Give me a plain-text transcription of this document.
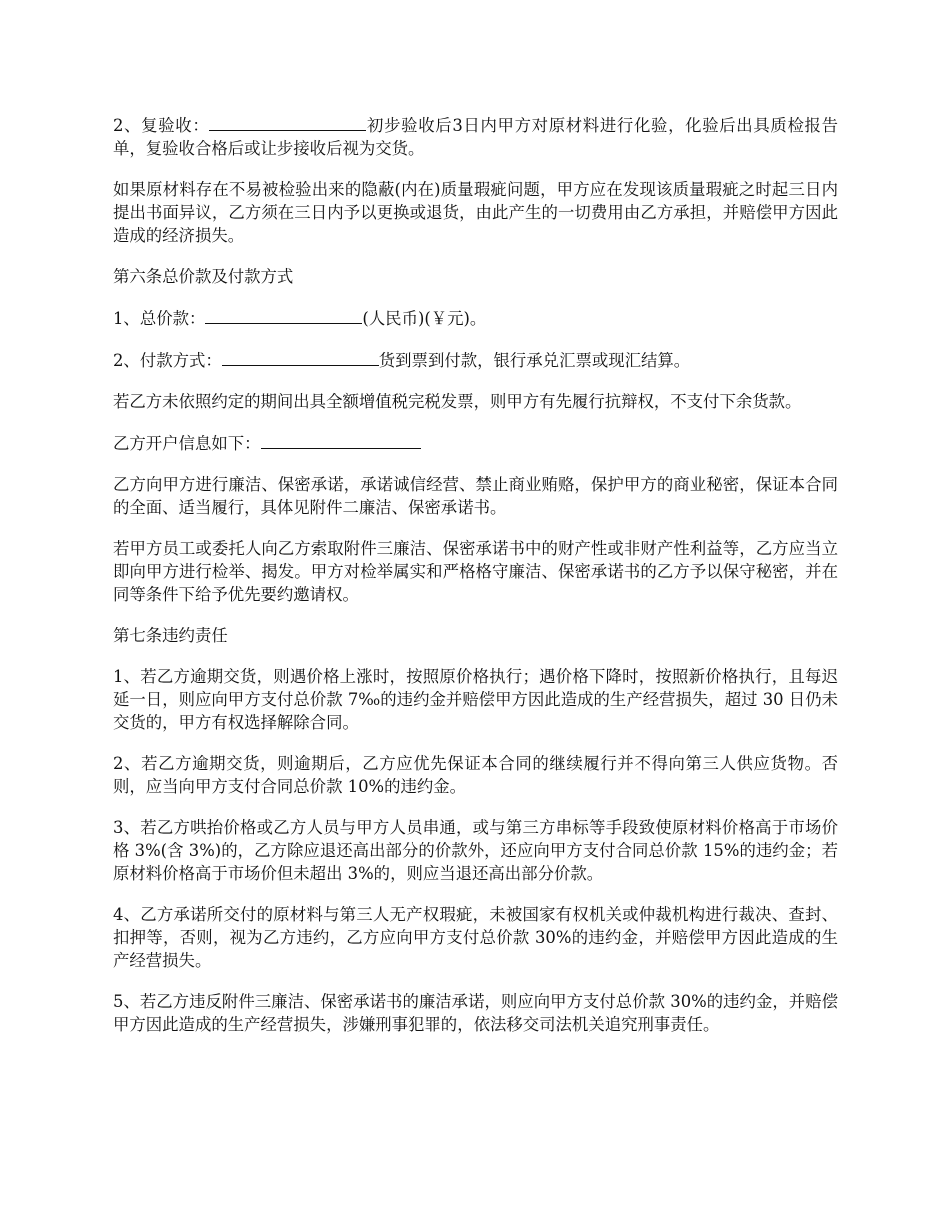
2、复验收：	初步验收后3日内甲方对原材料进行化验，化验后出具质检报告单，复验收合格后或让步接收后视为交货。

如果原材料存在不易被检验出来的隐蔽(内在)质量瑕疵问题，甲方应在发现该质量瑕疵之时起三日内提出书面异议，乙方须在三日内予以更换或退货，由此产生的一切费用由乙方承担，并赔偿甲方因此造成的经济损失。

第六条总价款及付款方式

1、总价款：	(人民币)(￥元)。

2、付款方式：	货到票到付款，银行承兑汇票或现汇结算。

若乙方未依照约定的期间出具全额增值税完税发票，则甲方有先履行抗辩权，不支付下余货款。

乙方开户信息如下：

乙方向甲方进行廉洁、保密承诺，承诺诚信经营、禁止商业贿赂，保护甲方的商业秘密，保证本合同的全面、适当履行，具体见附件二廉洁、保密承诺书。

若甲方员工或委托人向乙方索取附件三廉洁、保密承诺书中的财产性或非财产性利益等，乙方应当立即向甲方进行检举、揭发。甲方对检举属实和严格格守廉洁、保密承诺书的乙方予以保守秘密，并在同等条件下给予优先要约邀请权。

第七条违约责任

1、若乙方逾期交货，则遇价格上涨时，按照原价格执行；遇价格下降时，按照新价格执行，且每迟延一日，则应向甲方支付总价款 7‰的违约金并赔偿甲方因此造成的生产经营损失，超过 30 日仍未交货的，甲方有权选择解除合同。

2、若乙方逾期交货，则逾期后，乙方应优先保证本合同的继续履行并不得向第三人供应货物。否则，应当向甲方支付合同总价款 10%的违约金。

3、若乙方哄抬价格或乙方人员与甲方人员串通，或与第三方串标等手段致使原材料价格高于市场价格 3%(含 3%)的，乙方除应退还高出部分的价款外，还应向甲方支付合同总价款 15%的违约金；若原材料价格高于市场价但未超出 3%的，则应当退还高出部分价款。

4、乙方承诺所交付的原材料与第三人无产权瑕疵，未被国家有权机关或仲裁机构进行裁决、查封、扣押等，否则，视为乙方违约，乙方应向甲方支付总价款 30%的违约金，并赔偿甲方因此造成的生产经营损失。

5、若乙方违反附件三廉洁、保密承诺书的廉洁承诺，则应向甲方支付总价款 30%的违约金，并赔偿甲方因此造成的生产经营损失，涉嫌刑事犯罪的，依法移交司法机关追究刑事责任。
